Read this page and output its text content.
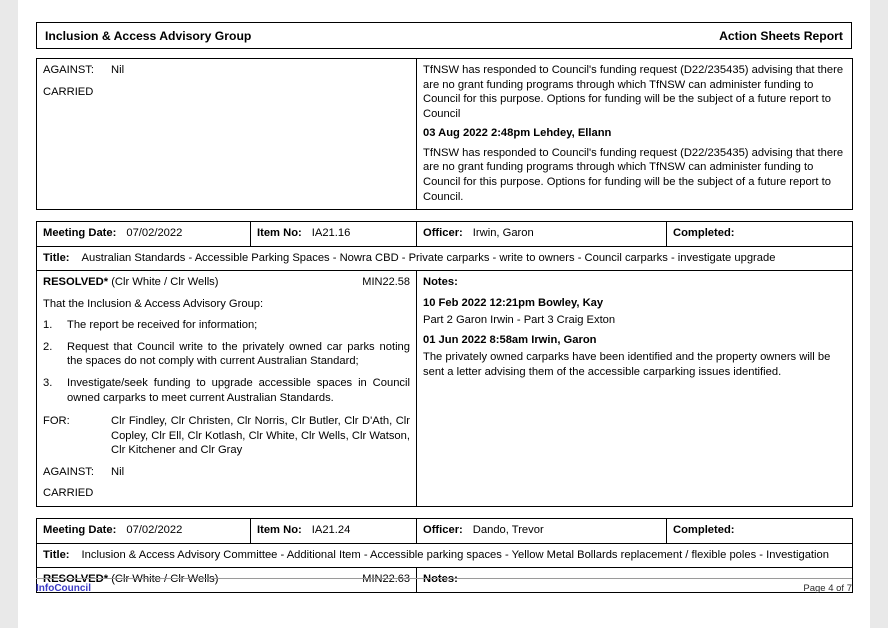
Inclusion & Access Advisory Group	Action Sheets Report
AGAINST:	Nil
CARRIED

TfNSW has responded to Council's funding request (D22/235435) advising that there are no grant funding programs through which TfNSW can administer funding to Council for this purpose. Options for funding will be the subject of a future report to Council
03 Aug 2022 2:48pm Lehdey, Ellann
TfNSW has responded to Council's funding request (D22/235435) advising that there are no grant funding programs through which TfNSW can administer funding to Council for this purpose. Options for funding will be the subject of a future report to Council.
Meeting Date: 07/02/2022	Item No: IA21.16	Officer: Irwin, Garon	Completed:

Title:	Australian Standards - Accessible Parking Spaces - Nowra CBD - Private carparks - write to owners - Council carparks - investigate upgrade
RESOLVED* (Clr White / Clr Wells)	MIN22.58

That the Inclusion & Access Advisory Group:

1.	The report be received for information;
2.	Request that Council write to the privately owned car parks noting the spaces do not comply with current Australian Standard;
3.	Investigate/seek funding to upgrade accessible spaces in Council owned carparks to meet current Australian Standards.
FOR:	Clr Findley, Clr Christen, Clr Norris, Clr Butler, Clr D'Ath, Clr Copley, Clr Ell, Clr Kotlash, Clr White, Clr Wells, Clr Watson, Clr Kitchener and Clr Gray
AGAINST:	Nil
CARRIED

Notes:
10 Feb 2022 12:21pm Bowley, Kay
Part 2 Garon Irwin - Part 3 Craig Exton
01 Jun 2022 8:58am Irwin, Garon
The privately owned carparks have been identified and the property owners will be sent a letter advising them of the accessible carparking issues identified.
Meeting Date: 07/02/2022	Item No: IA21.24	Officer: Dando, Trevor	Completed:

Title:	Inclusion & Access Advisory Committee - Additional Item - Accessible parking spaces - Yellow Metal Bollards replacement / flexible poles - Investigation
RESOLVED* (Clr White / Clr Wells)	MIN22.63	Notes:
InfoCouncil	Page 4 of 7
